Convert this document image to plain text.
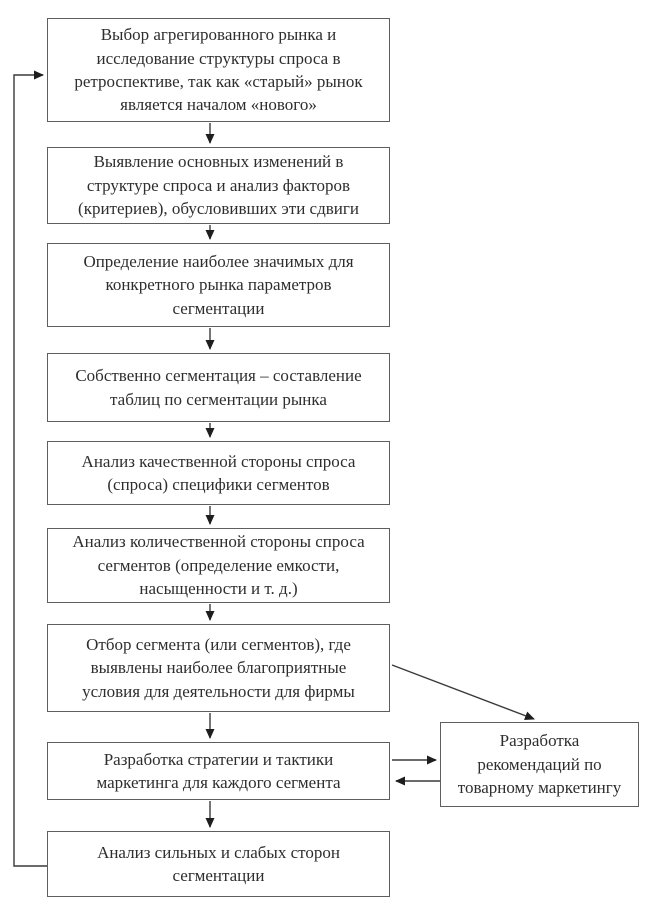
Выбор агрегированного рынка и исследование структуры спроса в ретроспективе, так как «старый» рынок является началом «нового»
Выявление основных изменений в структуре спроса и анализ факторов (критериев), обусловивших эти сдвиги
Определение наиболее значимых для конкретного рынка параметров сегментации
Собственно сегментация – составление таблиц по сегментации рынка
Анализ качественной стороны спроса (спроса) специфики сегментов
Анализ количественной стороны спроса сегментов (определение емкости, насыщенности и т. д.)
Отбор сегмента (или сегментов), где выявлены наиболее благоприятные условия для деятельности для фирмы
Разработка стратегии и тактики маркетинга для каждого сегмента
Анализ сильных и слабых сторон сегментации
Разработка рекомендаций по товарному маркетингу
